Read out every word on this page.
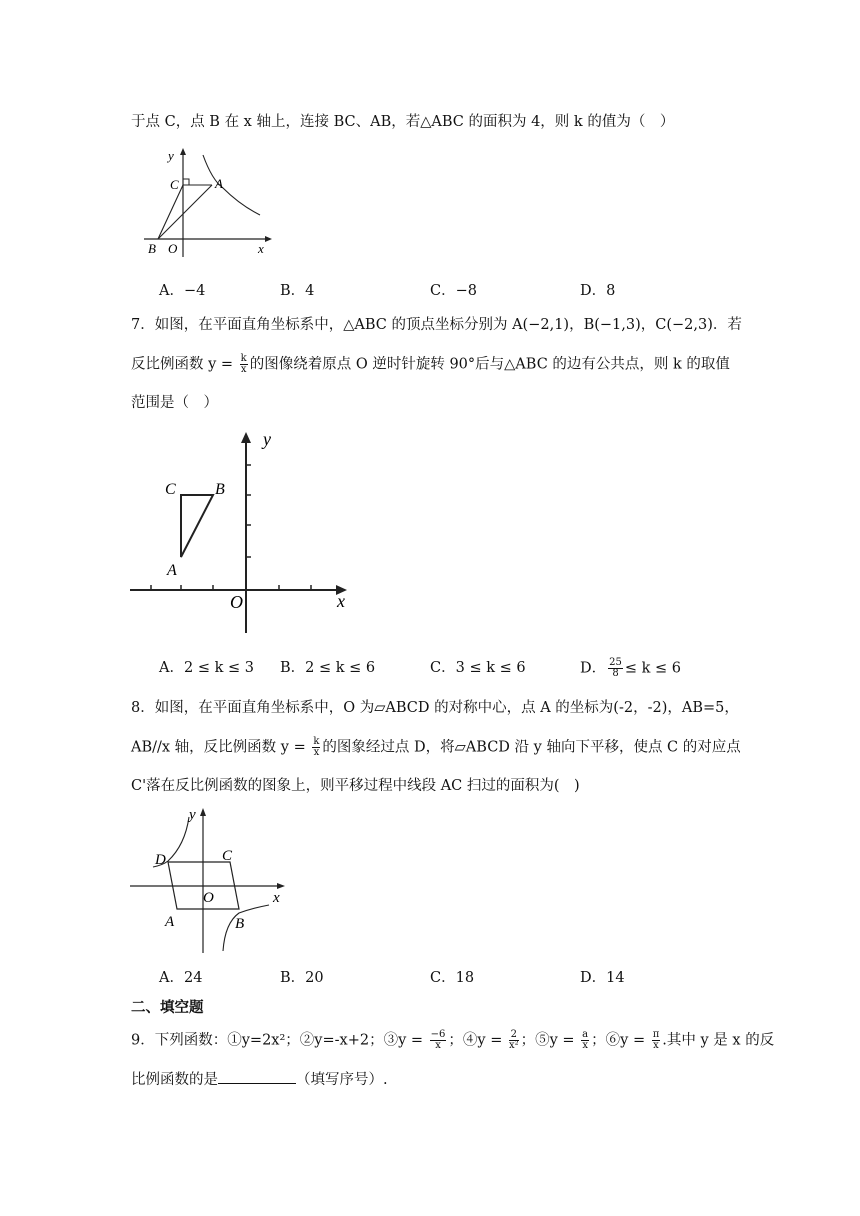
于点 C，点 B 在 x 轴上，连接 BC、AB，若△ABC 的面积为 4，则 k 的值为（　）
y
C	A
B O	x
A．−4	B．4	C．−8	D．8
7．如图，在平面直角坐标系中，△ABC 的顶点坐标分别为 A(−2,1)，B(−1,3)，C(−2,3)．若
反比例函数 $y = \frac{k}{x}$ 的图像绕着原点 O 逆时针旋转 90°后与△ABC 的边有公共点，则 k 的取值
范围是（　）
y
C B
A
O	x
A．2 ≤ k ≤ 3 B．2 ≤ k ≤ 6	C．3 ≤ k ≤ 6	D． $\frac{25}{8} \le k \le 6$
8．如图，在平面直角坐标系中，O 为▱ABCD 的对称中心，点 A 的坐标为(-2，-2)，AB=5，
AB//x 轴，反比例函数 $y = \frac{k}{x}$ 的图象经过点 D，将▱ABCD 沿 y 轴向下平移，使点 C 的对应点
C'落在反比例函数的图象上，则平移过程中线段 AC 扫过的面积为(　)
y
D	C
O	x
A	B
A．24	B．20	C．18	D．14
二、填空题
9．下列函数：①y=2x²；②y=-x+2；③y = $\frac{-6}{x}$ ；④y = $\frac{2}{\text{x²}}$ ；⑤y = $\frac{a}{x}$ ；⑥y = $\frac{\pi}{x}$ .其中 y 是 x 的反
比例函数的是	（填写序号）.
